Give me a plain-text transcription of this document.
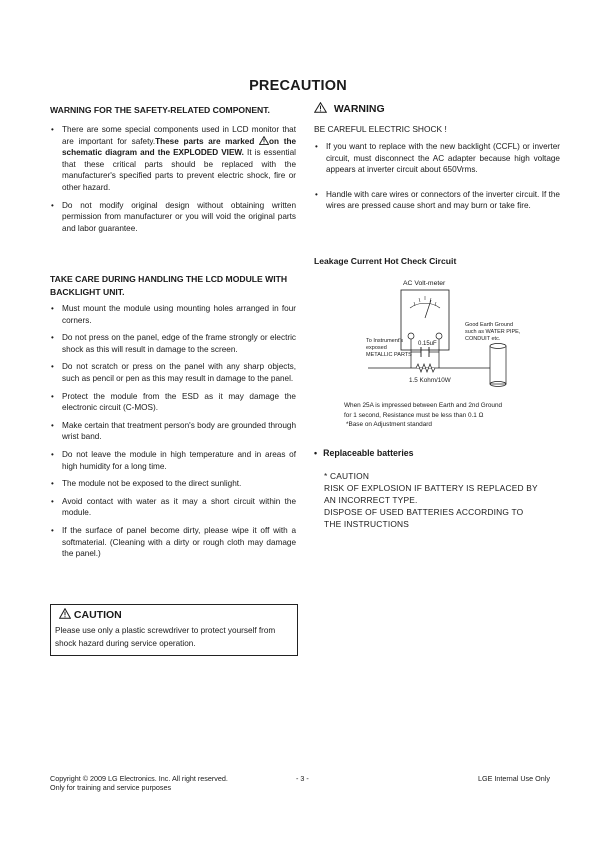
PRECAUTION
WARNING FOR THE SAFETY-RELATED COMPONENT.
• There are some special components used in LCD monitor that are important for safety.These parts are marked on the schematic diagram and the EXPLODED VIEW. It is essential that these critical parts should be replaced with the manufacturer's specified parts to prevent electric shock, fire or other hazard.
• Do not modify original design without obtaining written permission from manufacturer or you will void the original parts and labor guarantee.
TAKE CARE DURING HANDLING THE LCD MODULE WITH BACKLIGHT UNIT.
• Must mount the module using mounting holes arranged in four corners.
• Do not press on the panel, edge of the frame strongly or electric shock as this will result in damage to the screen.
• Do not scratch or press on the panel with any sharp objects, such as pencil or pen as this may result in damage to the panel.
• Protect the module from the ESD as it may damage the electronic circuit (C-MOS).
• Make certain that treatment person's body are grounded through wrist band.
• Do not leave the module in high temperature and in areas of high humidity for a long time.
• The module not be exposed to the direct sunlight.
• Avoid contact with water as it may a short circuit within the module.
• If the surface of panel become dirty, please wipe it off with a softmaterial. (Cleaning with a dirty or rough cloth may damage the panel.)
CAUTION
Please use only a plastic screwdriver to protect yourself from shock hazard during service operation.
WARNING
BE CAREFUL ELECTRIC SHOCK !
• If you want to replace with the new backlight (CCFL) or inverter circuit, must disconnect the AC adapter because high voltage appears at inverter circuit about 650Vrms.
• Handle with care wires or connectors of the inverter circuit. If the wires are pressed cause short and may burn or take fire.
Leakage Current Hot Check Circuit
AC Volt-meter
0.15uF
1.5 Kohm/10W
To Instrument's exposed METALLIC PARTS
Good Earth Ground such as WATER PIPE, CONDUIT etc.
When 25A is impressed between Earth and 2nd Ground
for 1 second, Resistance must be less than 0.1 Ω
*Base on Adjustment standard
• Replaceable batteries
* CAUTION
RISK OF EXPLOSION IF BATTERY IS REPLACED BY
AN INCORRECT TYPE.
DISPOSE OF USED BATTERIES ACCORDING TO
THE INSTRUCTIONS
Copyright © 2009 LG Electronics. Inc. All right reserved.
Only for training and service purposes
- 3 -	LGE Internal Use Only
